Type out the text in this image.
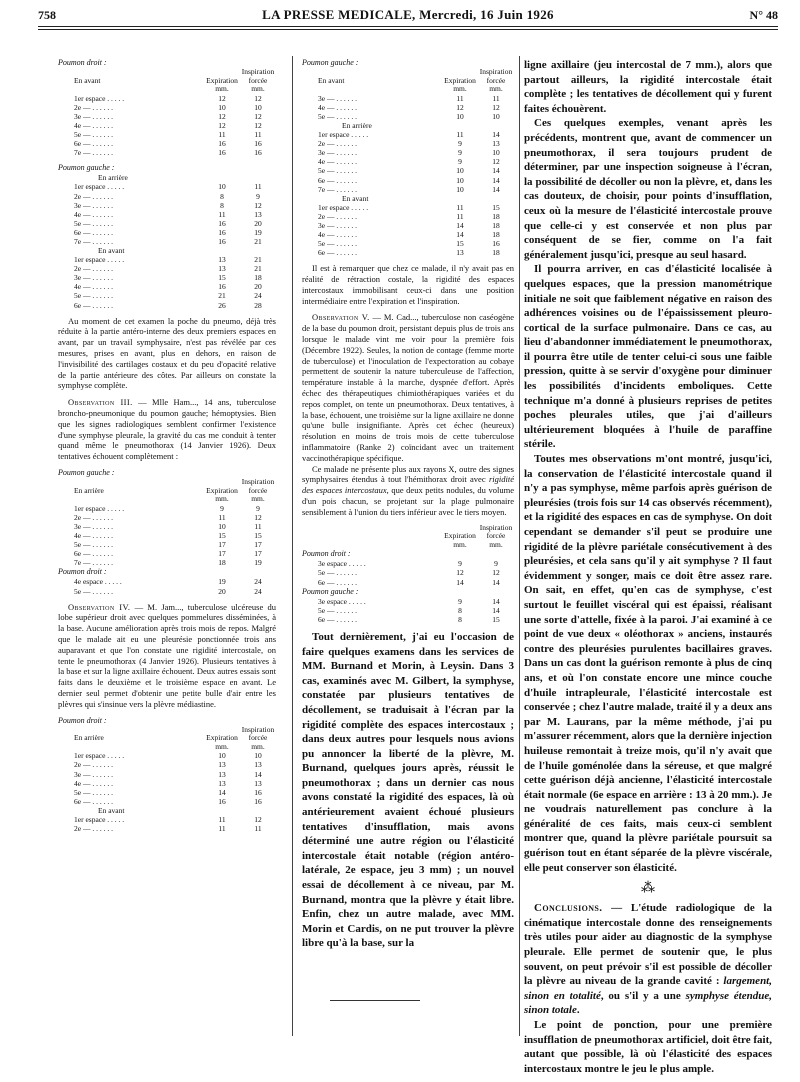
758	LA PRESSE MEDICALE, Mercredi, 16 Juin 1926	N° 48
Poumon droit :
		Inspiration
En avant	Expiration	forcée
	mm.	mm.
1er espace . . . . .	12	12
2e — . . . . . .	10	10
3e — . . . . . .	12	12
4e — . . . . . .	12	12
5e — . . . . . .	11	11
6e — . . . . . .	16	16
7e — . . . . . .	16	16
Poumon gauche :
En arrière
1er espace . . . . .	10	11
2e — . . . . . .	8	9
3e — . . . . . .	8	12
4e — . . . . . .	11	13
5e — . . . . . .	16	20
6e — . . . . . .	16	19
7e — . . . . . .	16	21
En avant
1er espace . . . . .	13	21
2e — . . . . . .	13	21
3e — . . . . . .	15	18
4e — . . . . . .	16	20
5e — . . . . . .	21	24
6e — . . . . . .	26	28

Au moment de cet examen la poche du pneumo, déjà très réduite à la partie antéro-interne des deux premiers espaces en avant, par un travail symphysaire, n'est pas révélée par ces mesures, prises en avant, plus en dehors, en raison de l'invisibilité des cartilages costaux et du peu d'opacité relative de la partie antérieure des côtes. Par ailleurs on constate la symphyse complète.

Observation III. — Mlle Ham..., 14 ans, tuberculose broncho-pneumonique du poumon gauche; hémoptysies. Bien que les signes radiologiques semblent confirmer l'existence d'une symphyse pleurale, la gravité du cas me conduit à tenter quand même le pneumothorax (14 Janvier 1926). Deux tentatives échouent complètement :

Poumon gauche :
		Inspiration
En arrière	Expiration	forcée
	mm.	mm.
1er espace . . . . .	9	9
2e — . . . . . .	11	12
3e — . . . . . .	10	11
4e — . . . . . .	15	15
5e — . . . . . .	17	17
6e — . . . . . .	17	17
7e — . . . . . .	18	19
Poumon droit :
4e espace . . . . .	19	24
5e — . . . . . .	20	24

Observation IV. — M. Jam..., tuberculose ulcéreuse du lobe supérieur droit avec quelques pommelures disséminées, à la base. Aucune amélioration après trois mois de repos. Malgré que le malade ait eu une pleurésie ponctionnée trois ans auparavant et que l'on constate une rigidité intercostale, on tente le pneumothorax (4 Janvier 1926). Plusieurs tentatives à la base et sur la ligne axillaire échouent. Deux autres essais sont faits dans le deuxième et le troisième espace en avant. Le dernier seul permet d'obtenir une petite bulle d'air entre les plèvres qui s'insinue vers la plèvre médiastine.

Poumon droit :
		Inspiration
En arrière	Expiration	forcée
	mm.	mm.
1er espace . . . . .	10	10
2e — . . . . . .	13	13
3e — . . . . . .	13	14
4e — . . . . . .	13	13
5e — . . . . . .	14	16
6e — . . . . . .	16	16
En avant
1er espace . . . . .	11	12
2e — . . . . . .	11	11
Poumon gauche :
		Inspiration
En avant	Expiration	forcée
	mm.	mm.
3e — . . . . . .	11	11
4e — . . . . . .	12	12
5e — . . . . . .	10	10
En arrière
1er espace . . . . .	11	14
2e — . . . . . .	9	13
3e — . . . . . .	9	10
4e — . . . . . .	9	12
5e — . . . . . .	10	14
6e — . . . . . .	10	14
7e — . . . . . .	10	14
En avant
1er espace . . . . .	11	15
2e — . . . . . .	11	18
3e — . . . . . .	14	18
4e — . . . . . .	14	18
5e — . . . . . .	15	16
6e — . . . . . .	13	18

Il est à remarquer que chez ce malade, il n'y avait pas en réalité de rétraction costale, la rigidité des espaces intercostaux immobilisant ceux-ci dans une position intermédiaire entre l'expiration et l'inspiration.

Observation V. — M. Cad..., tuberculose non caséogène de la base du poumon droit, persistant depuis plus de trois ans lorsque le malade vint me voir pour la première fois (Décembre 1922). Seules, la notion de contage (femme morte de tuberculose) et l'inoculation de l'expectoration au cobaye permettent de soutenir la nature tuberculeuse de l'affection, température instable à la marche, dyspnée d'effort. Après échec des thérapeutiques chimiothérapiques variées et du repos complet, on tente un pneumothorax. Deux tentatives, à la base, échouent, une troisième sur la ligne axillaire ne donne qu'une bulle insignifiante. Après cet échec (heureux) résolution en moins de trois mois de cette tuberculose inflammatoire (Ranke 2) coïncidant avec un traitement vaccinothérapique spécifique.

Ce malade ne présente plus aux rayons X, outre des signes symphysaires étendus à tout l'hémithorax droit avec rigidité des espaces intercostaux, que deux petits nodules, du volume d'un pois chacun, se projetant sur la plage pulmonaire sensiblement à l'union du tiers inférieur avec le tiers moyen.

		Inspiration
	Expiration	forcée
	mm.	mm.
Poumon droit :
3e espace . . . . .	9	9
5e — . . . . . .	12	12
6e — . . . . . .	14	14
Poumon gauche :
3e espace . . . . .	9	14
5e — . . . . . .	8	14
6e — . . . . . .	8	15

Tout dernièrement, j'ai eu l'occasion de faire quelques examens dans les services de MM. Burnand et Morin, à Leysin. Dans 3 cas, examinés avec M. Gilbert, la symphyse, constatée par plusieurs tentatives de décollement, se traduisait à l'écran par la rigidité complète des espaces intercostaux ; dans deux autres pour lesquels nous avions pu annoncer la liberté de la plèvre, M. Burnand, quelques jours après, réussit le pneumothorax ; dans un dernier cas nous avons constaté la rigidité des espaces, là où antérieurement avaient échoué plusieurs tentatives d'insufflation, mais avons déterminé une autre région ou l'élasticité intercostale était notable (région antéro-latérale, 2e espace, jeu 3 mm) ; un nouvel essai de décollement à ce niveau, par M. Burnand, montra que la plèvre y était libre. Enfin, chez un autre malade, avec MM. Morin et Cardis, on ne put trouver la plèvre libre qu'à la base, sur la

ligne axillaire (jeu intercostal de 7 mm.), alors que partout ailleurs, la rigidité intercostale était complète ; les tentatives de décollement qui y furent faites échouèrent.

Ces quelques exemples, venant après les précédents, montrent que, avant de commencer un pneumothorax, il sera toujours prudent de déterminer, par une inspection soigneuse à l'écran, la possibilité de décoller ou non la plèvre, et, dans les cas douteux, de choisir, pour points d'insufflation, ceux où la mesure de l'élasticité intercostale prouve que celle-ci y est conservée et non plus par conséquent de se fier, comme on l'a fait généralement jusqu'ici, presque au seul hasard.

Il pourra arriver, en cas d'élasticité localisée à quelques espaces, que la pression manométrique initiale ne soit que faiblement négative en raison des adhérences voisines ou de l'épaississement pleuro-cortical de la surface pulmonaire. Dans ce cas, au lieu d'abandonner immédiatement le pneumothorax, il pourra être utile de tenter celui-ci sous une faible pression, quitte à se servir d'oxygène pour diminuer les possibilités d'incidents emboliques. Cette technique m'a donné à plusieurs reprises de petites poches pleurales utiles, que j'ai d'ailleurs ultérieurement bloquées à l'huile de paraffine stérile.

Toutes mes observations m'ont montré, jusqu'ici, la conservation de l'élasticité intercostale quand il n'y a pas symphyse, même parfois après guérison de pleurésies (trois fois sur 14 cas observés récemment), et la rigidité des espaces en cas de symphyse. On doit cependant se demander s'il peut se produire une rigidité de la plèvre pariétale consécutivement à des pleurésies, et cela sans qu'il y ait symphyse ? Il faut évidemment y songer, mais ce doit être assez rare. On sait, en effet, qu'en cas de symphyse, c'est surtout le feuillet viscéral qui est épaissi, réalisant une sorte d'attelle, fixée à la paroi. J'ai examiné à ce point de vue deux « oléothorax » anciens, instaurés contre des pleurésies purulentes bacillaires graves. Dans un cas dont la guérison remonte à plus de cinq ans, et où l'on constate encore une mince couche d'huile intrapleurale, l'élasticité intercostale est conservée ; chez l'autre malade, traité il y a deux ans par M. Laurans, par la même méthode, j'ai pu m'assurer récemment, alors que la dernière injection huileuse remontait à treize mois, qu'il n'y avait que de l'huile goménolée dans la séreuse, et que malgré cette guérison déjà ancienne, l'élasticité intercostale était normale (6e espace en arrière : 13 à 20 mm.). Je ne voudrais naturellement pas conclure à la généralité de ces faits, mais ceux-ci semblent montrer que, quand la plèvre pariétale poursuit sa guérison tout en étant séparée de la plèvre viscérale, elle peut conserver son élasticité.

⁂

Conclusions. — L'étude radiologique de la cinématique intercostale donne des renseignements très utiles pour aider au diagnostic de la symphyse pleurale. Elle permet de soutenir que, le plus souvent, on peut prévoir s'il est possible de décoller la plèvre au niveau de la grande cavité : largement, sinon en totalité, ou s'il y a une symphyse étendue, sinon totale.

Le point de ponction, pour une première insufflation de pneumothorax artificiel, doit être fait, autant que possible, là où l'élasticité des espaces intercostaux montre le jeu le plus ample.
